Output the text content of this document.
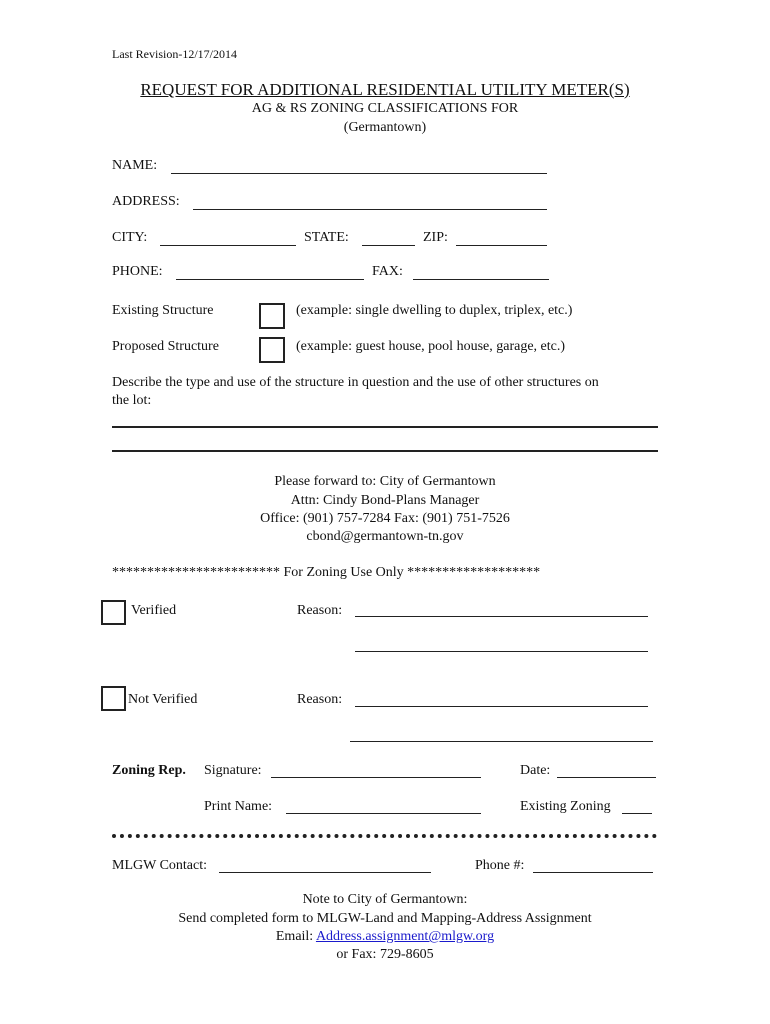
Last Revision-12/17/2014
REQUEST FOR ADDITIONAL RESIDENTIAL UTILITY METER(S)
AG & RS ZONING CLASSIFICATIONS FOR
(Germantown)
NAME:
ADDRESS:
CITY:	STATE:	ZIP:
PHONE:	FAX:
Existing Structure	(example: single dwelling to duplex, triplex, etc.)
Proposed Structure	(example: guest house, pool house, garage, etc.)
Describe the type and use of the structure in question and the use of other structures on
the lot:
Please forward to: City of Germantown
Attn: Cindy Bond-Plans Manager
Office: (901) 757-7284 Fax: (901) 751-7526
cbond@germantown-tn.gov
************************ For Zoning Use Only *******************
Verified	Reason:
Not Verified	Reason:
Zoning Rep. Signature:	Date:
Print Name:	Existing Zoning
MLGW Contact:	Phone #:
Note to City of Germantown:
Send completed form to MLGW-Land and Mapping-Address Assignment
Email: Address.assignment@mlgw.org
or Fax: 729-8605
